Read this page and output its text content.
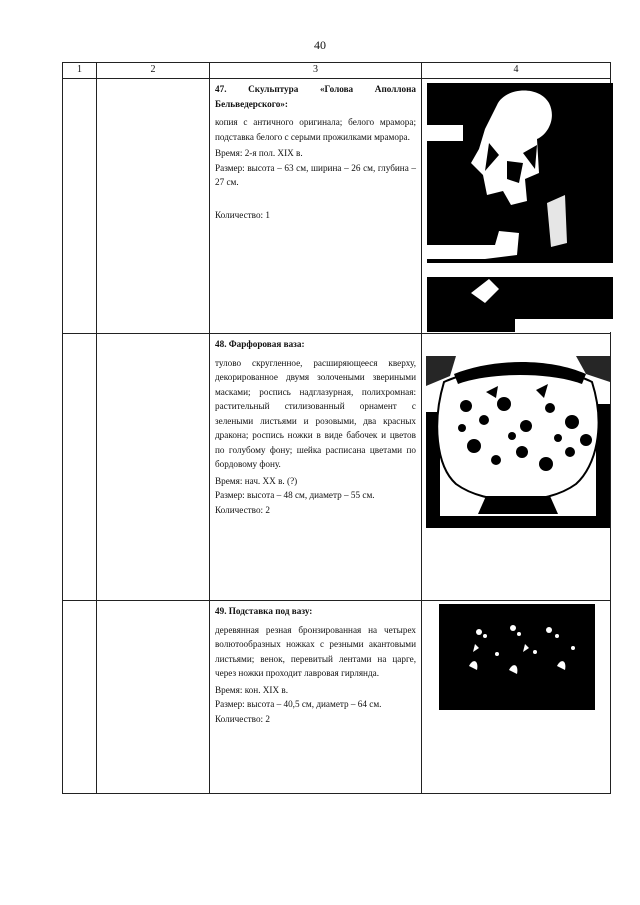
40
1	2	3	4

		47. Скульптура «Голова Аполлона Бельведерского»:

копия с античного оригинала; белого мрамора; подставка белого с серыми прожилками мрамора.

Время: 2-я пол. XIX в.

Размер: высота – 63 см, ширина – 26 см, глубина – 27 см.

Количество: 1

		48. Фарфоровая ваза:

тулово скругленное, расширяющееся кверху, декорированное двумя золочеными звериными масками; роспись надглазурная, полихромная: растительный стилизованный орнамент с зелеными листьями и розовыми, два красных дракона; роспись ножки в виде бабочек и цветов по голубому фону; шейка расписана цветами по бордовому фону.

Время: нач. XX в. (?)

Размер: высота – 48 см, диаметр – 55 см.

Количество: 2

		49. Подставка под вазу:

деревянная резная бронзированная на четырех волютообразных ножках с резными акантовыми листьями; венок, перевитый лентами на царге, через ножки проходит лавровая гирлянда.

Время: кон. XIX в.

Размер: высота – 40,5 см, диаметр – 64 см.

Количество: 2
